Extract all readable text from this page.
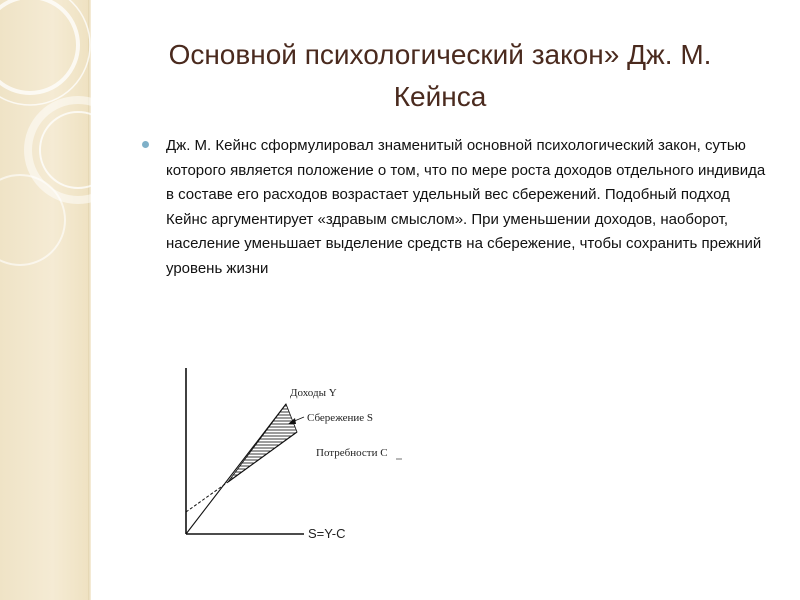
Основной психологический закон» Дж. М. Кейнса

Дж. М. Кейнс сформулировал знаменитый основной психологический закон, сутью которого является положение о том, что по мере роста доходов отдельного индивида в составе его расходов возрастает удельный вес сбережений. Подобный подход Кейнс аргументирует «здравым смыслом». При уменьшении доходов, наоборот, население уменьшает выделение средств на сбережение, чтобы сохранить прежний уровень жизни

Доходы Y
Сбережение S
Потребности C
S=Y-C
